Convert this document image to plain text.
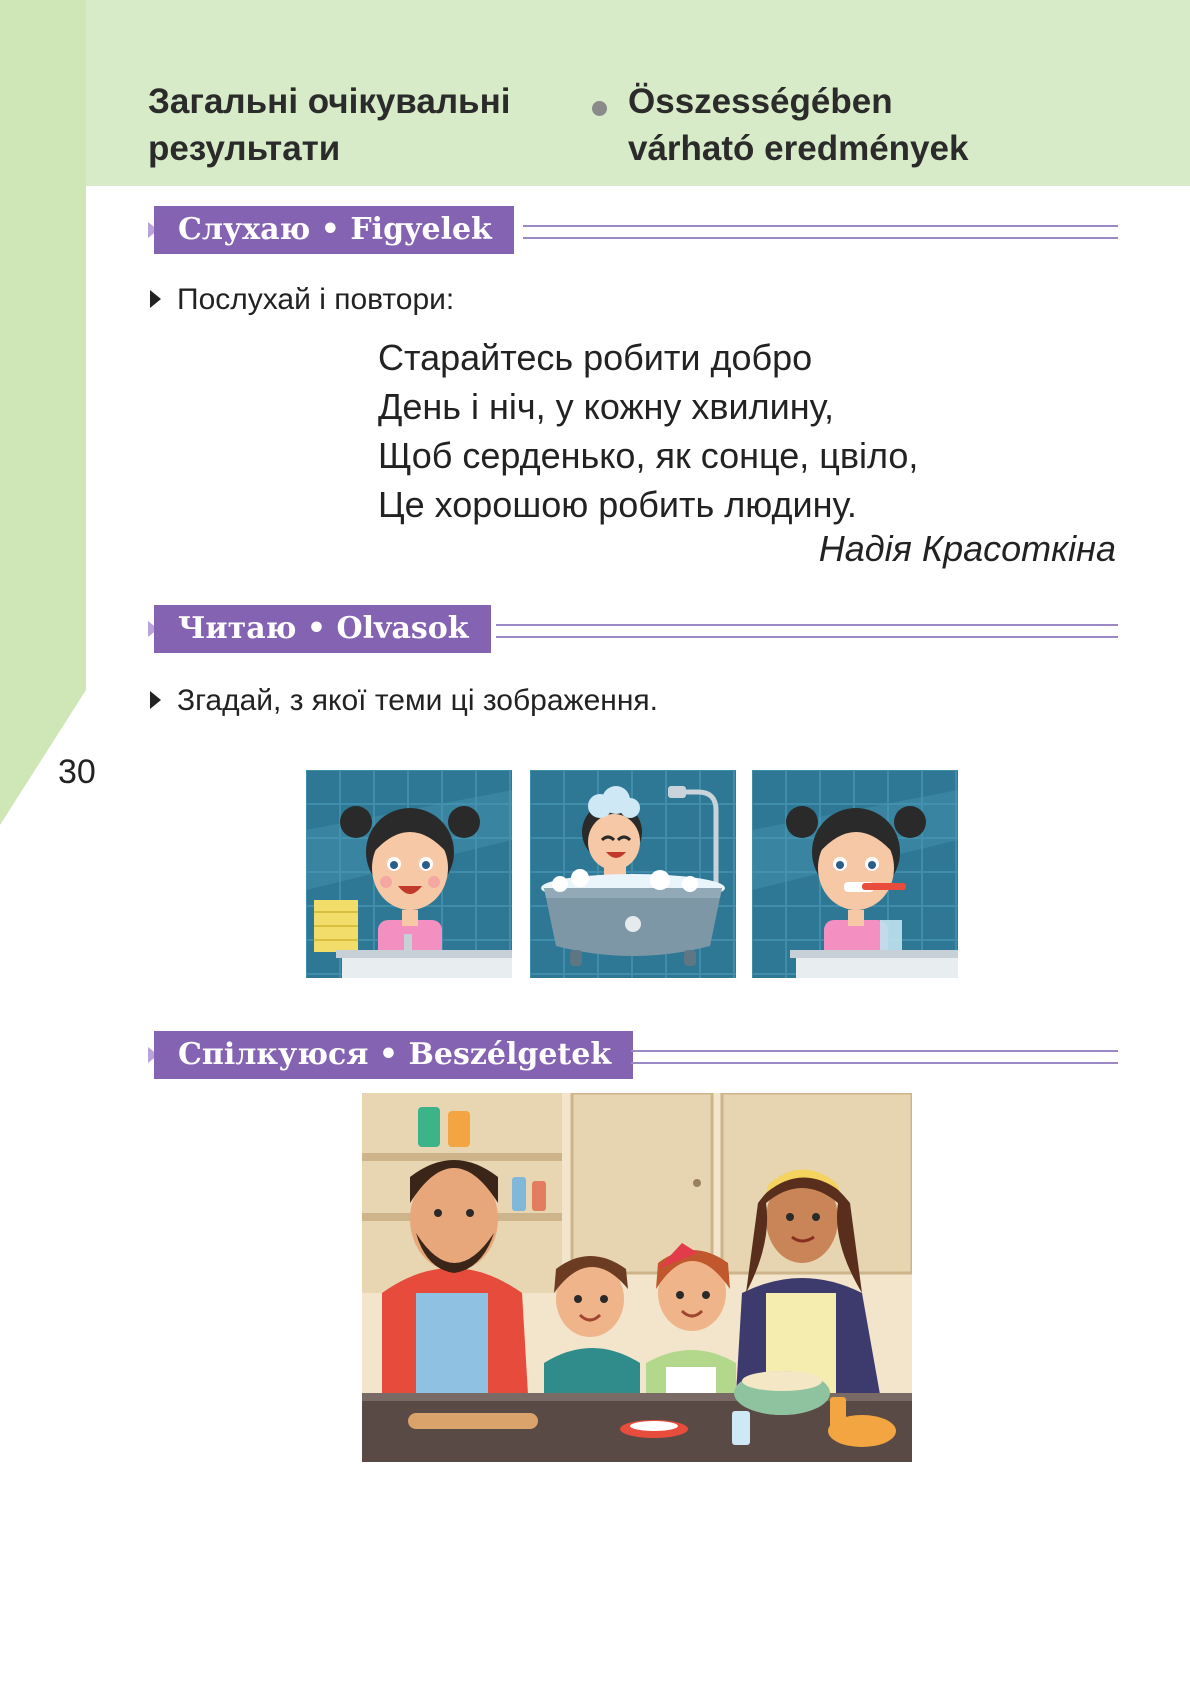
Загальні очікувальні
результати
Összességében
várható eredmények
Слухаю • Figyelek
Послухай і повтори:
Старайтесь робити добро
День і ніч, у кожну хвилину,
Щоб серденько, як сонце, цвіло,
Це хорошою робить людину.
Надія Красоткіна
Читаю • Olvasok
Згадай, з якої теми ці зображення.
30
Спілкуюся • Beszélgetek
